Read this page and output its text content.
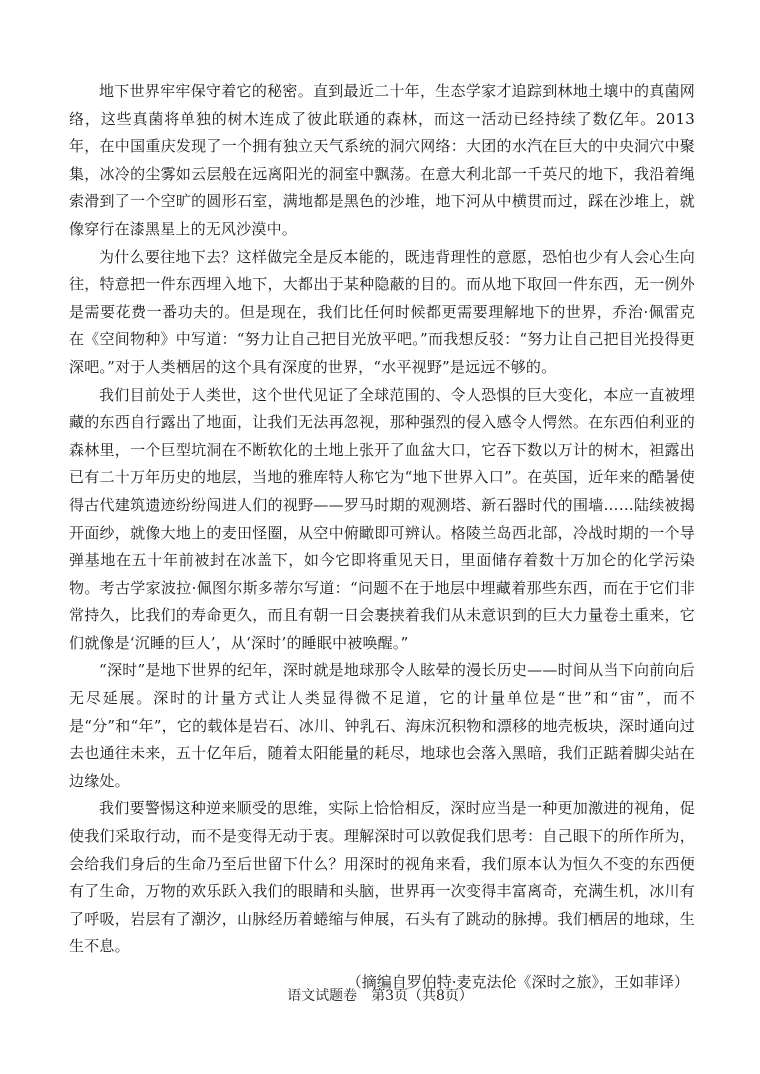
地下世界牢牢保守着它的秘密。直到最近二十年，生态学家才追踪到林地土壤中的真菌网络，这些真菌将单独的树木连成了彼此联通的森林，而这一活动已经持续了数亿年。2013年，在中国重庆发现了一个拥有独立天气系统的洞穴网络：大团的水汽在巨大的中央洞穴中聚集，冰冷的尘雾如云层般在远离阳光的洞室中飘荡。在意大利北部一千英尺的地下，我沿着绳索滑到了一个空旷的圆形石室，满地都是黑色的沙堆，地下河从中横贯而过，踩在沙堆上，就像穿行在漆黑星上的无风沙漠中。

为什么要往地下去？这样做完全是反本能的，既违背理性的意愿，恐怕也少有人会心生向往，特意把一件东西埋入地下，大都出于某种隐蔽的目的。而从地下取回一件东西，无一例外是需要花费一番功夫的。但是现在，我们比任何时候都更需要理解地下的世界，乔治·佩雷克在《空间物种》中写道：“努力让自己把目光放平吧。”而我想反驳：“努力让自己把目光投得更深吧。”对于人类栖居的这个具有深度的世界，“水平视野”是远远不够的。

我们目前处于人类世，这个世代见证了全球范围的、令人恐惧的巨大变化，本应一直被埋藏的东西自行露出了地面，让我们无法再忽视，那种强烈的侵入感令人愕然。在东西伯利亚的森林里，一个巨型坑洞在不断软化的土地上张开了血盆大口，它吞下数以万计的树木，袒露出已有二十万年历史的地层，当地的雅库特人称它为“地下世界入口”。在英国，近年来的酷暑使得古代建筑遗迹纷纷闯进人们的视野——罗马时期的观测塔、新石器时代的围墙……陆续被揭开面纱，就像大地上的麦田怪圈，从空中俯瞰即可辨认。格陵兰岛西北部，冷战时期的一个导弹基地在五十年前被封在冰盖下，如今它即将重见天日，里面储存着数十万加仑的化学污染物。考古学家波拉·佩图尔斯多蒂尔写道：“问题不在于地层中埋藏着那些东西，而在于它们非常持久，比我们的寿命更久，而且有朝一日会裹挟着我们从未意识到的巨大力量卷土重来，它们就像是‘沉睡的巨人’，从‘深时’的睡眠中被唤醒。”

“深时”是地下世界的纪年，深时就是地球那令人眩晕的漫长历史——时间从当下向前向后无尽延展。深时的计量方式让人类显得微不足道，它的计量单位是“世”和“宙”，而不是“分”和“年”，它的载体是岩石、冰川、钟乳石、海床沉积物和漂移的地壳板块，深时通向过去也通往未来，五十亿年后，随着太阳能量的耗尽，地球也会落入黑暗，我们正踮着脚尖站在边缘处。

我们要警惕这种逆来顺受的思维，实际上恰恰相反，深时应当是一种更加激进的视角，促使我们采取行动，而不是变得无动于衷。理解深时可以敦促我们思考：自己眼下的所作所为，会给我们身后的生命乃至后世留下什么？用深时的视角来看，我们原本认为恒久不变的东西便有了生命，万物的欢乐跃入我们的眼睛和头脑，世界再一次变得丰富离奇，充满生机，冰川有了呼吸，岩层有了潮汐，山脉经历着蜷缩与伸展，石头有了跳动的脉搏。我们栖居的地球，生生不息。

（摘编自罗伯特·麦克法伦《深时之旅》，王如菲译）

语文试题卷　第3页（共8页）
